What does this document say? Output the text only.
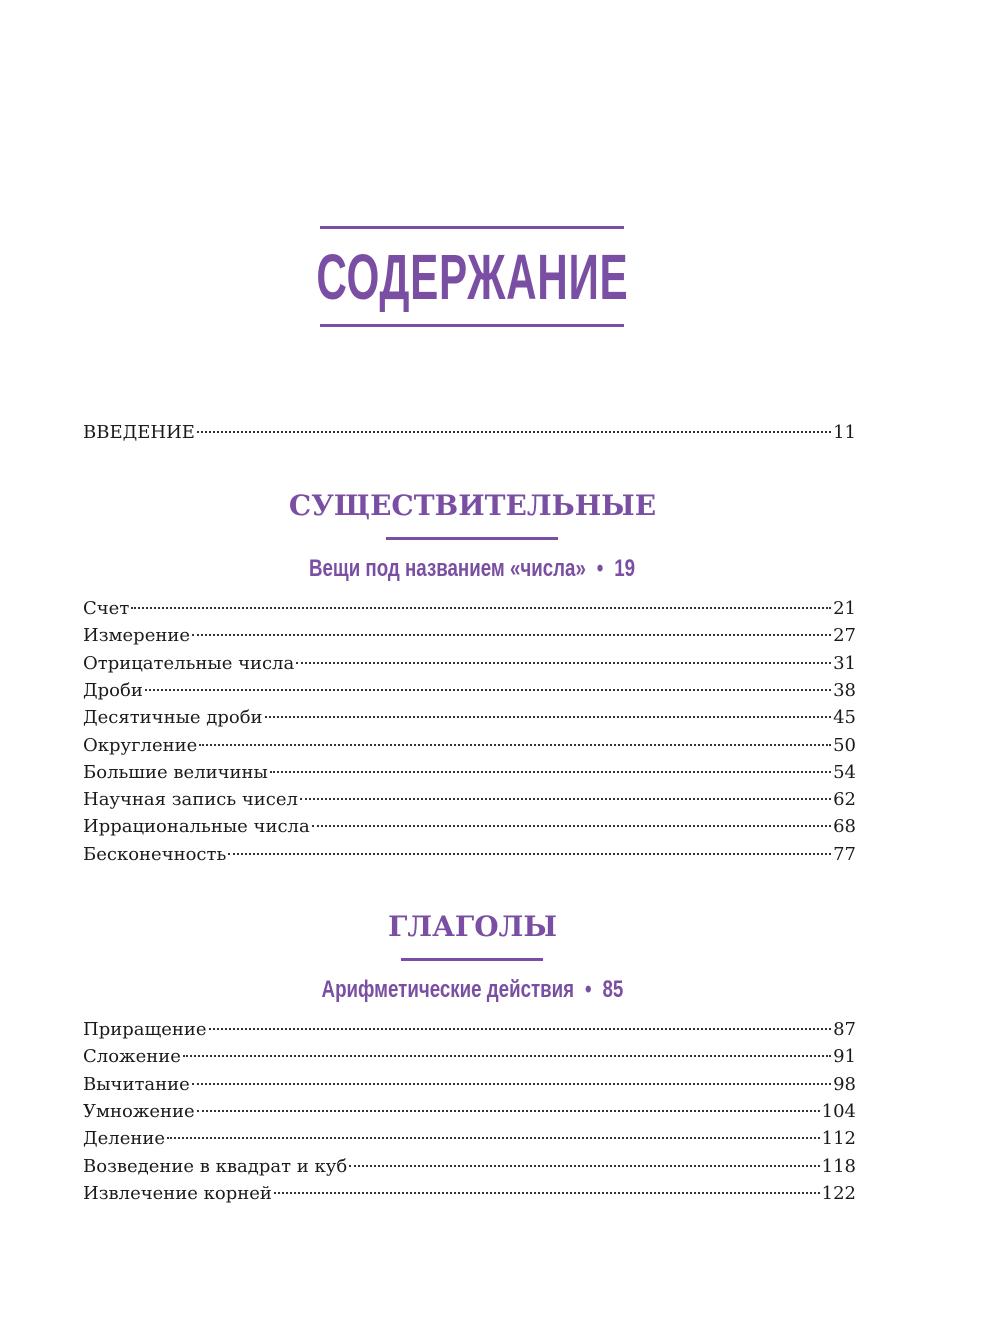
СОДЕРЖАНИЕ
ВВЕДЕНИЕ	11
СУЩЕСТВИТЕЛЬНЫЕ
Вещи под названием «числа» • 19
Счет	21
Измерение	27
Отрицательные числа	31
Дроби	38
Десятичные дроби	45
Округление	50
Большие величины	54
Научная запись чисел	62
Иррациональные числа	68
Бесконечность	77
ГЛАГОЛЫ
Арифметические действия • 85
Приращение	87
Сложение	91
Вычитание	98
Умножение	104
Деление	112
Возведение в квадрат и куб	118
Извлечение корней	122
